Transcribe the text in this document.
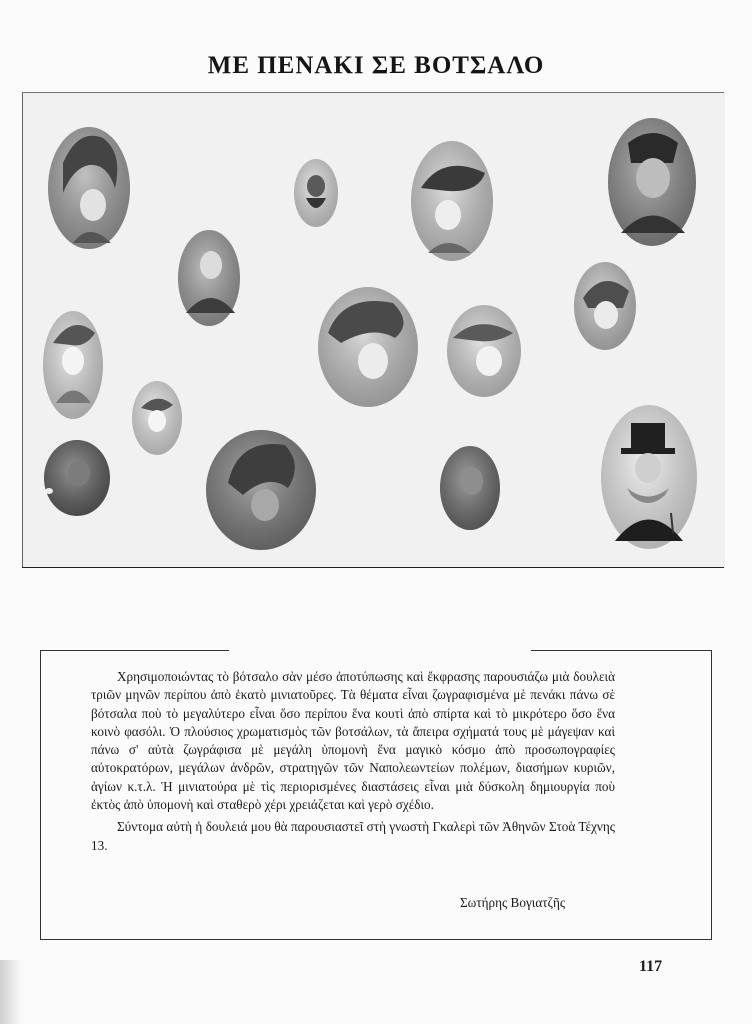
ΜΕ ΠΕΝΑΚΙ ΣΕ ΒΟΤΣΑΛΟ

Χρησιμοποιώντας τὸ βότσαλο σὰν μέσο ἀποτύπωσης καὶ ἔκφρασης παρουσιάζω μιὰ δουλειὰ τριῶν μηνῶν περίπου ἀπὸ ἑκατὸ μινιατοῦρες. Τὰ θέματα εἶναι ζωγραφισμένα μὲ πενάκι πάνω σὲ βότσαλα ποὺ τὸ μεγαλύτερο εἶναι ὅσο περίπου ἕνα κουτὶ ἀπὸ σπίρτα καὶ τὸ μικρότερο ὅσο ἕνα κοινὸ φασόλι. Ὁ πλούσιος χρωματισμὸς τῶν βοτσάλων, τὰ ἄπειρα σχήματά τους μὲ μάγεψαν καὶ πάνω σ' αὐτὰ ζωγράφισα μὲ μεγάλη ὑπομονὴ ἕνα μαγικὸ κόσμο ἀπὸ προσωπογραφίες αὐτοκρατόρων, μεγάλων ἀνδρῶν, στρατηγῶν τῶν Ναπολεωντείων πολέμων, διασήμων κυριῶν, ἁγίων κ.τ.λ. Ἡ μινιατούρα μὲ τὶς περιορισμένες διαστάσεις εἶναι μιὰ δύσκολη δημιουργία ποὺ ἐκτὸς ἀπὸ ὑπομονὴ καὶ σταθερὸ χέρι χρειάζεται καὶ γερὸ σχέδιο.

Σύντομα αὐτὴ ἡ δουλειά μου θὰ παρουσιαστεῖ στὴ γνωστὴ Γκαλερὶ τῶν Ἀθηνῶν Στοὰ Τέχνης 13.

Σωτήρης Βογιατζῆς
117
